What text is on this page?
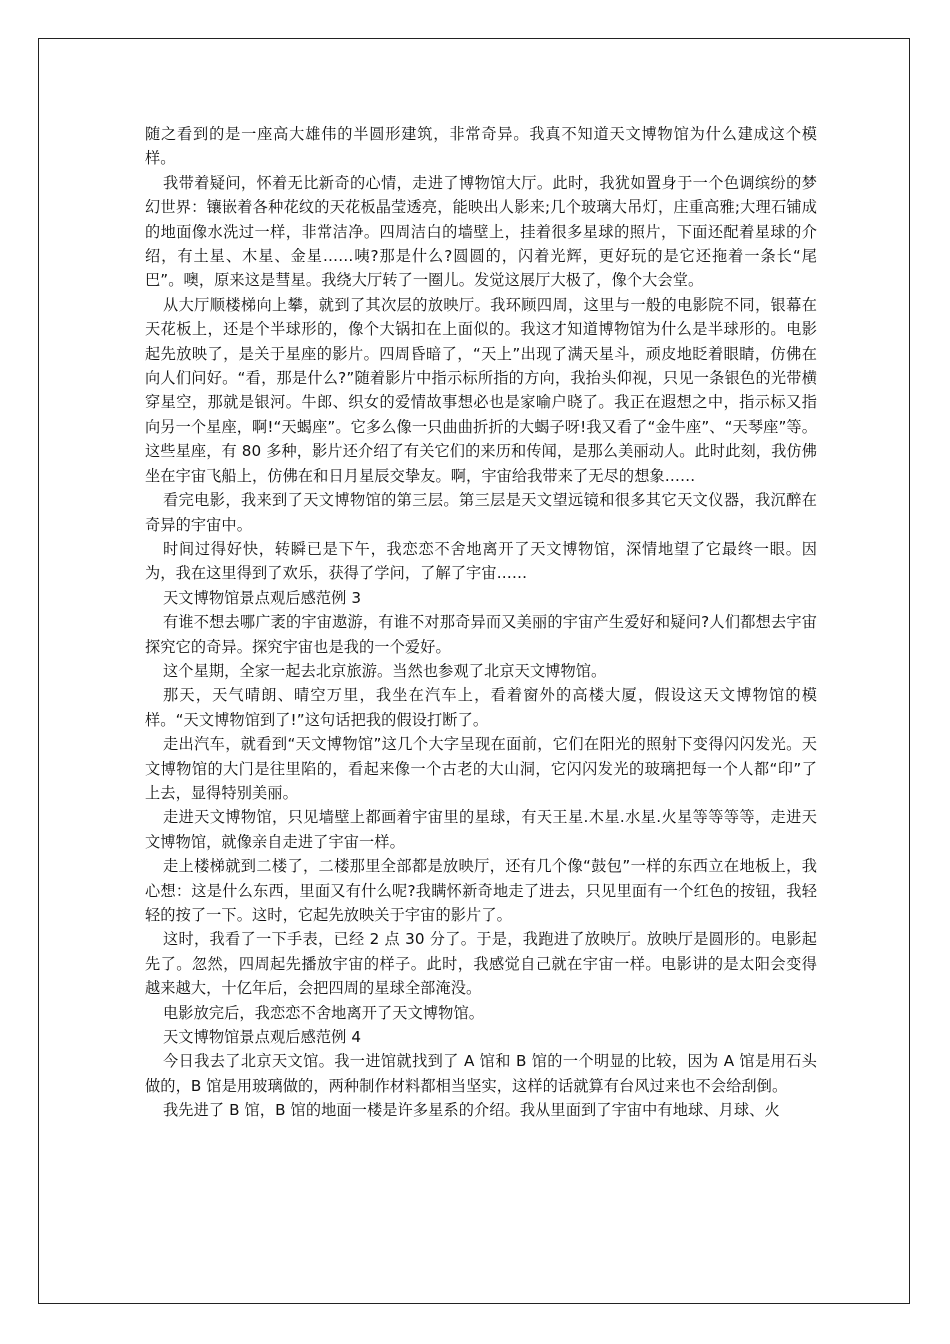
随之看到的是一座高大雄伟的半圆形建筑，非常奇异。我真不知道天文博物馆为什么建成这个模样。

我带着疑问，怀着无比新奇的心情，走进了博物馆大厅。此时，我犹如置身于一个色调缤纷的梦幻世界：镶嵌着各种花纹的天花板晶莹透亮，能映出人影来;几个玻璃大吊灯，庄重高雅;大理石铺成的地面像水洗过一样，非常洁净。四周洁白的墙壁上，挂着很多星球的照片，下面还配着星球的介绍，有土星、木星、金星……咦?那是什么?圆圆的，闪着光辉，更好玩的是它还拖着一条长“尾巴”。噢，原来这是彗星。我绕大厅转了一圈儿。发觉这展厅大极了，像个大会堂。

从大厅顺楼梯向上攀，就到了其次层的放映厅。我环顾四周，这里与一般的电影院不同，银幕在天花板上，还是个半球形的，像个大锅扣在上面似的。我这才知道博物馆为什么是半球形的。电影起先放映了，是关于星座的影片。四周昏暗了，“天上”出现了满天星斗，顽皮地眨着眼睛，仿佛在向人们问好。“看，那是什么?”随着影片中指示标所指的方向，我抬头仰视，只见一条银色的光带横穿星空，那就是银河。牛郎、织女的爱情故事想必也是家喻户晓了。我正在遐想之中，指示标又指向另一个星座，啊!“天蝎座”。它多么像一只曲曲折折的大蝎子呀!我又看了“金牛座”、“天琴座”等。这些星座，有 80 多种，影片还介绍了有关它们的来历和传闻，是那么美丽动人。此时此刻，我仿佛坐在宇宙飞船上，仿佛在和日月星辰交挚友。啊，宇宙给我带来了无尽的想象……

看完电影，我来到了天文博物馆的第三层。第三层是天文望远镜和很多其它天文仪器，我沉醉在奇异的宇宙中。

时间过得好快，转瞬已是下午，我恋恋不舍地离开了天文博物馆，深情地望了它最终一眼。因为，我在这里得到了欢乐，获得了学问，了解了宇宙……

天文博物馆景点观后感范例 3

有谁不想去哪广袤的宇宙遨游，有谁不对那奇异而又美丽的宇宙产生爱好和疑问?人们都想去宇宙探究它的奇异。探究宇宙也是我的一个爱好。

这个星期，全家一起去北京旅游。当然也参观了北京天文博物馆。

那天，天气晴朗、晴空万里，我坐在汽车上，看着窗外的高楼大厦，假设这天文博物馆的模样。“天文博物馆到了!”这句话把我的假设打断了。

走出汽车，就看到“天文博物馆”这几个大字呈现在面前，它们在阳光的照射下变得闪闪发光。天文博物馆的大门是往里陷的，看起来像一个古老的大山洞，它闪闪发光的玻璃把每一个人都“印”了上去，显得特别美丽。

走进天文博物馆，只见墙壁上都画着宇宙里的星球，有天王星.木星.水星.火星等等等等，走进天文博物馆，就像亲自走进了宇宙一样。

走上楼梯就到二楼了，二楼那里全部都是放映厅，还有几个像“鼓包”一样的东西立在地板上，我心想：这是什么东西，里面又有什么呢?我瞒怀新奇地走了进去，只见里面有一个红色的按钮，我轻轻的按了一下。这时，它起先放映关于宇宙的影片了。

这时，我看了一下手表，已经 2 点 30 分了。于是，我跑进了放映厅。放映厅是圆形的。电影起先了。忽然，四周起先播放宇宙的样子。此时，我感觉自己就在宇宙一样。电影讲的是太阳会变得越来越大，十亿年后，会把四周的星球全部淹没。

电影放完后，我恋恋不舍地离开了天文博物馆。

天文博物馆景点观后感范例 4

今日我去了北京天文馆。我一进馆就找到了 A 馆和 B 馆的一个明显的比较，因为 A 馆是用石头做的，B 馆是用玻璃做的，两种制作材料都相当坚实，这样的话就算有台风过来也不会给刮倒。

我先进了 B 馆，B 馆的地面一楼是许多星系的介绍。我从里面到了宇宙中有地球、月球、火
